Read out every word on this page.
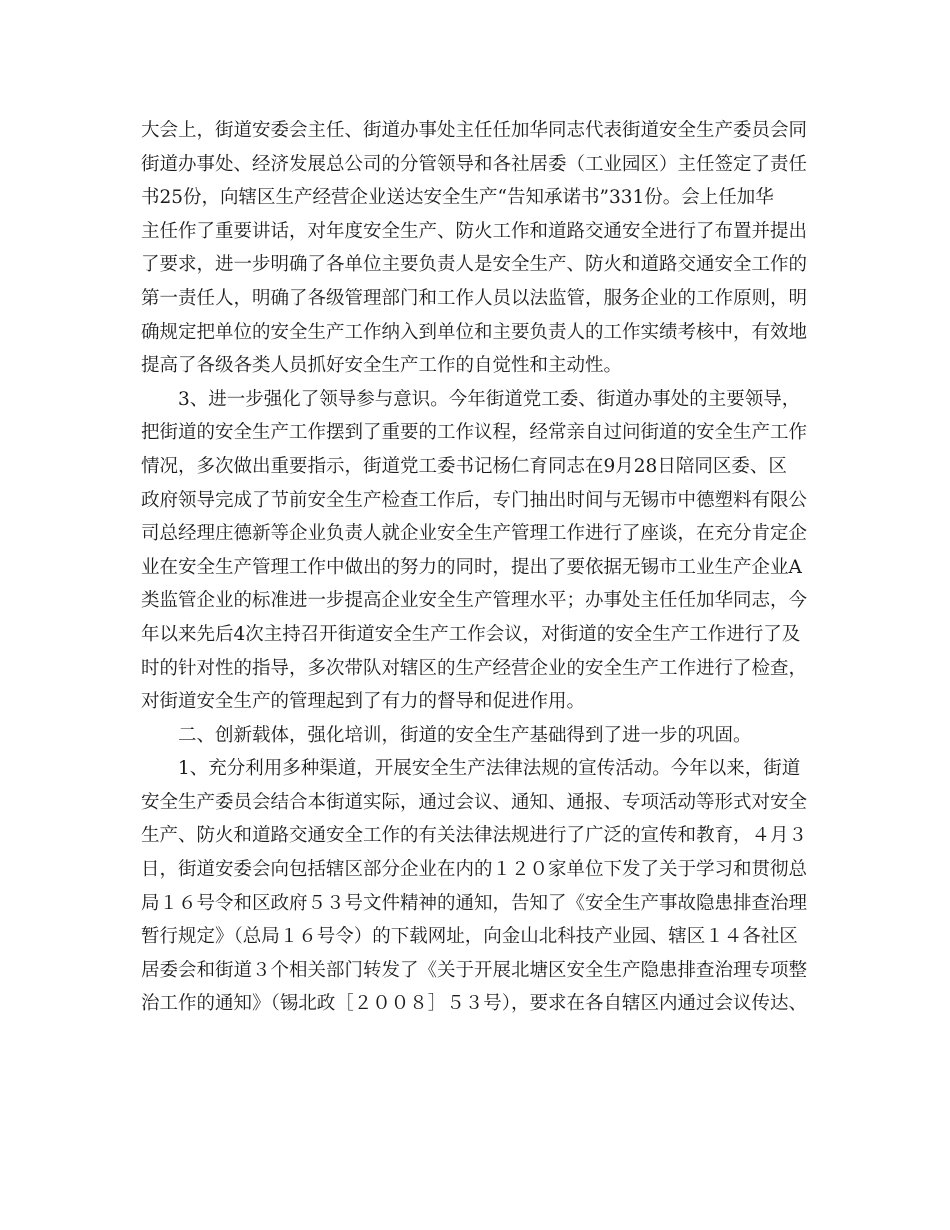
大会上，街道安委会主任、街道办事处主任任加华同志代表街道安全生产委员会同
街道办事处、经济发展总公司的分管领导和各社居委（工业园区）主任签定了责任
书25份，向辖区生产经营企业送达安全生产“告知承诺书”331份。会上任加华
主任作了重要讲话，对年度安全生产、防火工作和道路交通安全进行了布置并提出
了要求，进一步明确了各单位主要负责人是安全生产、防火和道路交通安全工作的
第一责任人，明确了各级管理部门和工作人员以法监管，服务企业的工作原则，明
确规定把单位的安全生产工作纳入到单位和主要负责人的工作实绩考核中，有效地
提高了各级各类人员抓好安全生产工作的自觉性和主动性。
3、进一步强化了领导参与意识。今年街道党工委、街道办事处的主要领导，
把街道的安全生产工作摆到了重要的工作议程，经常亲自过问街道的安全生产工作
情况，多次做出重要指示，街道党工委书记杨仁育同志在9月28日陪同区委、区
政府领导完成了节前安全生产检查工作后，专门抽出时间与无锡市中德塑料有限公
司总经理庄德新等企业负责人就企业安全生产管理工作进行了座谈，在充分肯定企
业在安全生产管理工作中做出的努力的同时，提出了要依据无锡市工业生产企业A
类监管企业的标准进一步提高企业安全生产管理水平；办事处主任任加华同志，今
年以来先后4次主持召开街道安全生产工作会议，对街道的安全生产工作进行了及
时的针对性的指导，多次带队对辖区的生产经营企业的安全生产工作进行了检查，
对街道安全生产的管理起到了有力的督导和促进作用。
二、创新载体，强化培训，街道的安全生产基础得到了进一步的巩固。
1、充分利用多种渠道，开展安全生产法律法规的宣传活动。今年以来，街道
安全生产委员会结合本街道实际，通过会议、通知、通报、专项活动等形式对安全
生产、防火和道路交通安全工作的有关法律法规进行了广泛的宣传和教育，４月３
日，街道安委会向包括辖区部分企业在内的１２０家单位下发了关于学习和贯彻总
局１６号令和区政府５３号文件精神的通知，告知了《安全生产事故隐患排查治理
暂行规定》（总局１６号令）的下载网址，向金山北科技产业园、辖区１４各社区
居委会和街道３个相关部门转发了《关于开展北塘区安全生产隐患排查治理专项整
治工作的通知》（锡北政［２００８］５３号），要求在各自辖区内通过会议传达、
